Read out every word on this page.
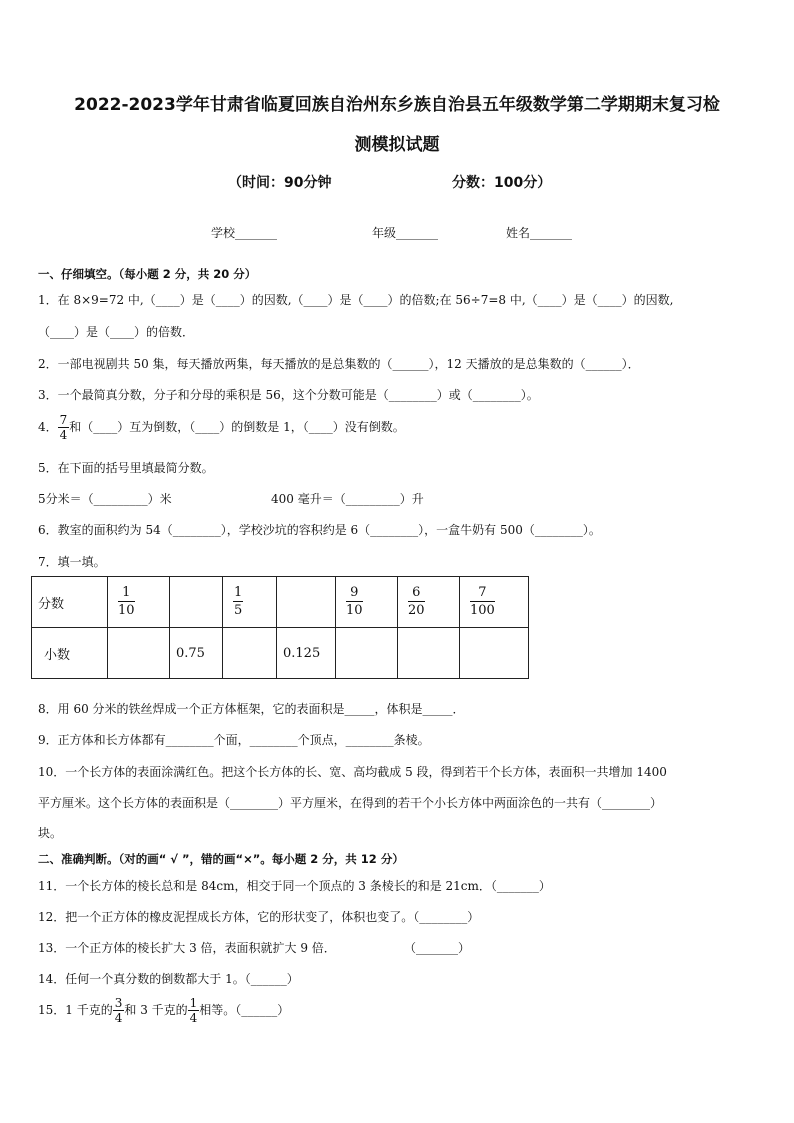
2022-2023学年甘肃省临夏回族自治州东乡族自治县五年级数学第二学期期末复习检
测模拟试题
（时间：90分钟	分数：100分）
学校_______	年级_______	姓名_______
一、仔细填空。（每小题 2 分，共 20 分）
1．在 8×9=72 中,（____）是（____）的因数,（____）是（____）的倍数;在 56÷7=8 中,（____）是（____）的因数,
（____）是（____）的倍数．
2．一部电视剧共 50 集，每天播放两集，每天播放的是总集数的（______），12 天播放的是总集数的（______）．
3．一个最简真分数，分子和分母的乘积是 56，这个分数可能是（________）或（________）。
4． $\frac{7}{4}$ 和（____）互为倒数，（____）的倒数是 1，（____）没有倒数。
5．在下面的括号里填最简分数。
5分米＝（_________）米	400 毫升＝（_________）升
6．教室的面积约为 54（________），学校沙坑的容积约是 6（________），一盒牛奶有 500（________）。
7．填一填。
分数	$\frac{1}{10}$		$\frac{1}{5}$		$\frac{9}{10}$	$\frac{6}{20}$	$\frac{7}{100}$

小数		0.75		0.125			
8．用 60 分米的铁丝焊成一个正方体框架，它的表面积是_____，体积是_____．
9．正方体和长方体都有________个面，________个顶点，________条棱。
10．一个长方体的表面涂满红色。把这个长方体的长、宽、高均截成 5 段，得到若干个长方体，表面积一共增加 1400
平方厘米。这个长方体的表面积是（________）平方厘米，在得到的若干个小长方体中两面涂色的一共有（________）
块。
二、准确判断。（对的画“ √ ”，错的画“×”。每小题 2 分，共 12 分）
11．一个长方体的棱长总和是 84cm，相交于同一个顶点的 3 条棱长的和是 21cm．（_______）
12．把一个正方体的橡皮泥捏成长方体，它的形状变了，体积也变了。（________）
13．一个正方体的棱长扩大 3 倍，表面积就扩大 9 倍．	（_______）
14．任何一个真分数的倒数都大于 1。（______）
15．1 千克的 $\frac{3}{4}$ 和 3 千克的 $\frac{1}{4}$ 相等。（______）
